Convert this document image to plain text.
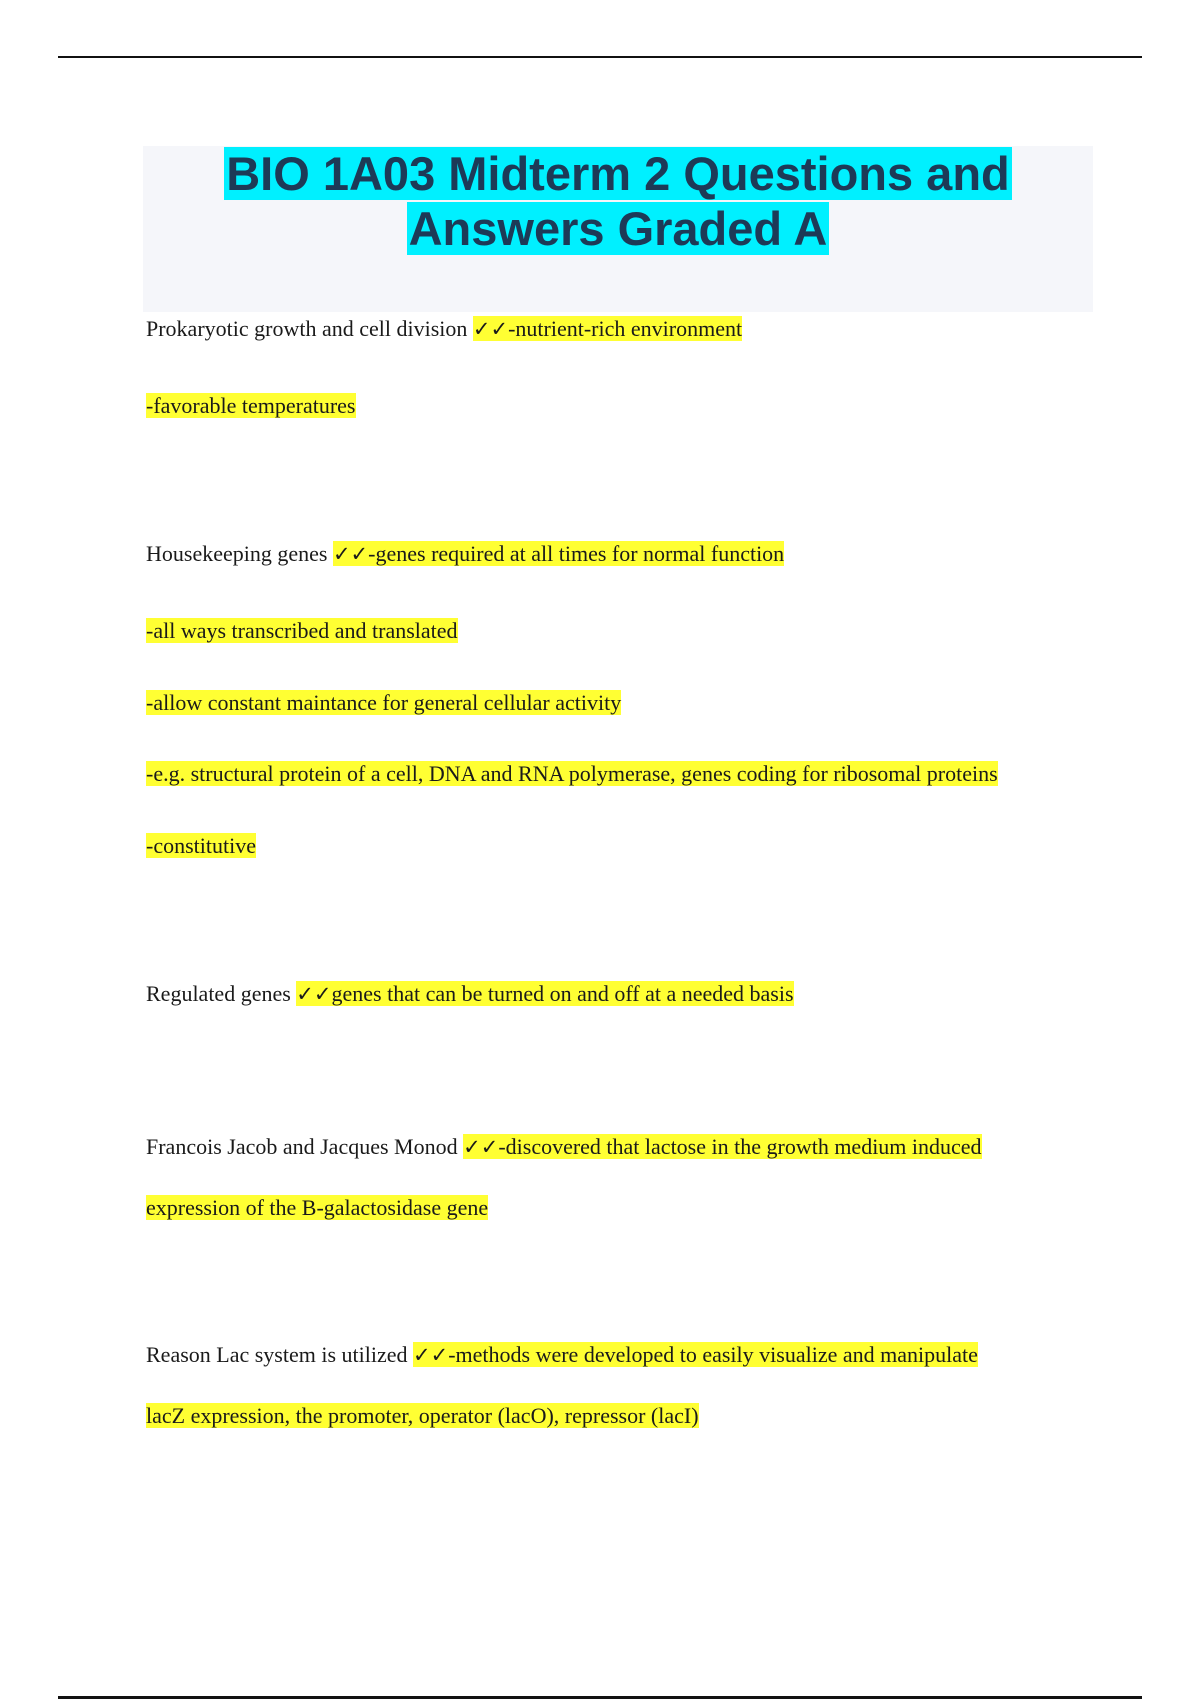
BIO 1A03 Midterm 2 Questions and
Answers Graded A
Prokaryotic growth and cell division ✓✓-nutrient-rich environment
-favorable temperatures
Housekeeping genes ✓✓-genes required at all times for normal function
-all ways transcribed and translated
-allow constant maintance for general cellular activity
-e.g. structural protein of a cell, DNA and RNA polymerase, genes coding for ribosomal proteins
-constitutive
Regulated genes ✓✓genes that can be turned on and off at a needed basis
Francois Jacob and Jacques Monod ✓✓-discovered that lactose in the growth medium induced
expression of the B-galactosidase gene
Reason Lac system is utilized ✓✓-methods were developed to easily visualize and manipulate
lacZ expression, the promoter, operator (lacO), repressor (lacI)
